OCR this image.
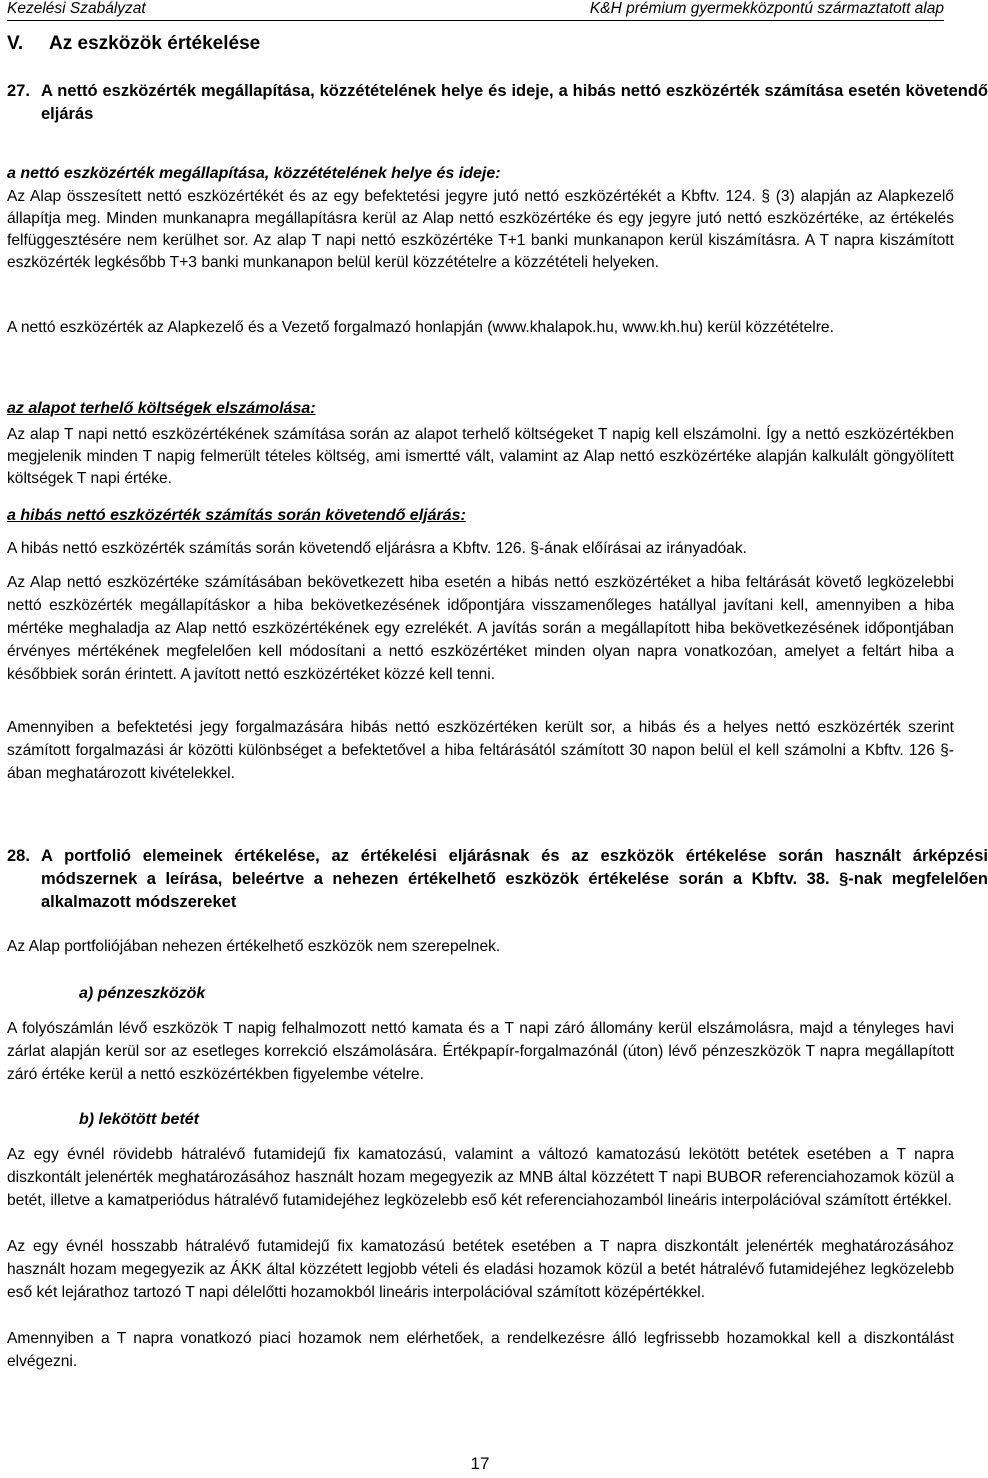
Kezelési Szabályzat	K&H prémium gyermekközpontú származtatott alap
V. Az eszközök értékelése
27. A nettó eszközérték megállapítása, közzétételének helye és ideje, a hibás nettó eszközérték számítása esetén követendő eljárás
a nettó eszközérték megállapítása, közzétételének helye és ideje:
Az Alap összesített nettó eszközértékét és az egy befektetési jegyre jutó nettó eszközértékét a Kbftv. 124. § (3) alapján az Alapkezelő állapítja meg. Minden munkanapra megállapításra kerül az Alap nettó eszközértéke és egy jegyre jutó nettó eszközértéke, az értékelés felfüggesztésére nem kerülhet sor. Az alap T napi nettó eszközértéke T+1 banki munkanapon kerül kiszámításra. A T napra kiszámított eszközérték legkésőbb T+3 banki munkanapon belül kerül közzétételre a közzétételi helyeken.
A nettó eszközérték az Alapkezelő és a Vezető forgalmazó honlapján (www.khalapok.hu, www.kh.hu) kerül közzétételre.
az alapot terhelő költségek elszámolása:
Az alap T napi nettó eszközértékének számítása során az alapot terhelő költségeket T napig kell elszámolni. Így a nettó eszközértékben megjelenik minden T napig felmerült tételes költség, ami ismertté vált, valamint az Alap nettó eszközértéke alapján kalkulált göngyölített költségek T napi értéke.
a hibás nettó eszközérték számítás során követendő eljárás:
A hibás nettó eszközérték számítás során követendő eljárásra a Kbftv. 126. §-ának előírásai az irányadóak.
Az Alap nettó eszközértéke számításában bekövetkezett hiba esetén a hibás nettó eszközértéket a hiba feltárását követő legközelebbi nettó eszközérték megállapításkor a hiba bekövetkezésének időpontjára visszamenőleges hatállyal javítani kell, amennyiben a hiba mértéke meghaladja az Alap nettó eszközértékének egy ezrelékét. A javítás során a megállapított hiba bekövetkezésének időpontjában érvényes mértékének megfelelően kell módosítani a nettó eszközértéket minden olyan napra vonatkozóan, amelyet a feltárt hiba a későbbiek során érintett. A javított nettó eszközértéket közzé kell tenni.
Amennyiben a befektetési jegy forgalmazására hibás nettó eszközértéken került sor, a hibás és a helyes nettó eszközérték szerint számított forgalmazási ár közötti különbséget a befektetővel a hiba feltárásától számított 30 napon belül el kell számolni a Kbftv. 126 §-ában meghatározott kivételekkel.
28. A portfolió elemeinek értékelése, az értékelési eljárásnak és az eszközök értékelése során használt árképzési módszernek a leírása, beleértve a nehezen értékelhető eszközök értékelése során a Kbftv. 38. §-nak megfelelően alkalmazott módszereket
Az Alap portfoliójában nehezen értékelhető eszközök nem szerepelnek.
a) pénzeszközök
A folyószámlán lévő eszközök T napig felhalmozott nettó kamata és a T napi záró állomány kerül elszámolásra, majd a tényleges havi zárlat alapján kerül sor az esetleges korrekció elszámolására. Értékpapír-forgalmazónál (úton) lévő pénzeszközök T napra megállapított záró értéke kerül a nettó eszközértékben figyelembe vételre.
b) lekötött betét
Az egy évnél rövidebb hátralévő futamidejű fix kamatozású, valamint a változó kamatozású lekötött betétek esetében a T napra diszkontált jelenérték meghatározásához használt hozam megegyezik az MNB által közzétett T napi BUBOR referenciahozamok közül a betét, illetve a kamatperiódus hátralévő futamidejéhez legközelebb eső két referenciahozamból lineáris interpolációval számított értékkel.
Az egy évnél hosszabb hátralévő futamidejű fix kamatozású betétek esetében a T napra diszkontált jelenérték meghatározásához használt hozam megegyezik az ÁKK által közzétett legjobb vételi és eladási hozamok közül a betét hátralévő futamidejéhez legközelebb eső két lejárathoz tartozó T napi délelőtti hozamokból lineáris interpolációval számított középértékkel.
Amennyiben a T napra vonatkozó piaci hozamok nem elérhetőek, a rendelkezésre álló legfrissebb hozamokkal kell a diszkontálást elvégezni.
17
